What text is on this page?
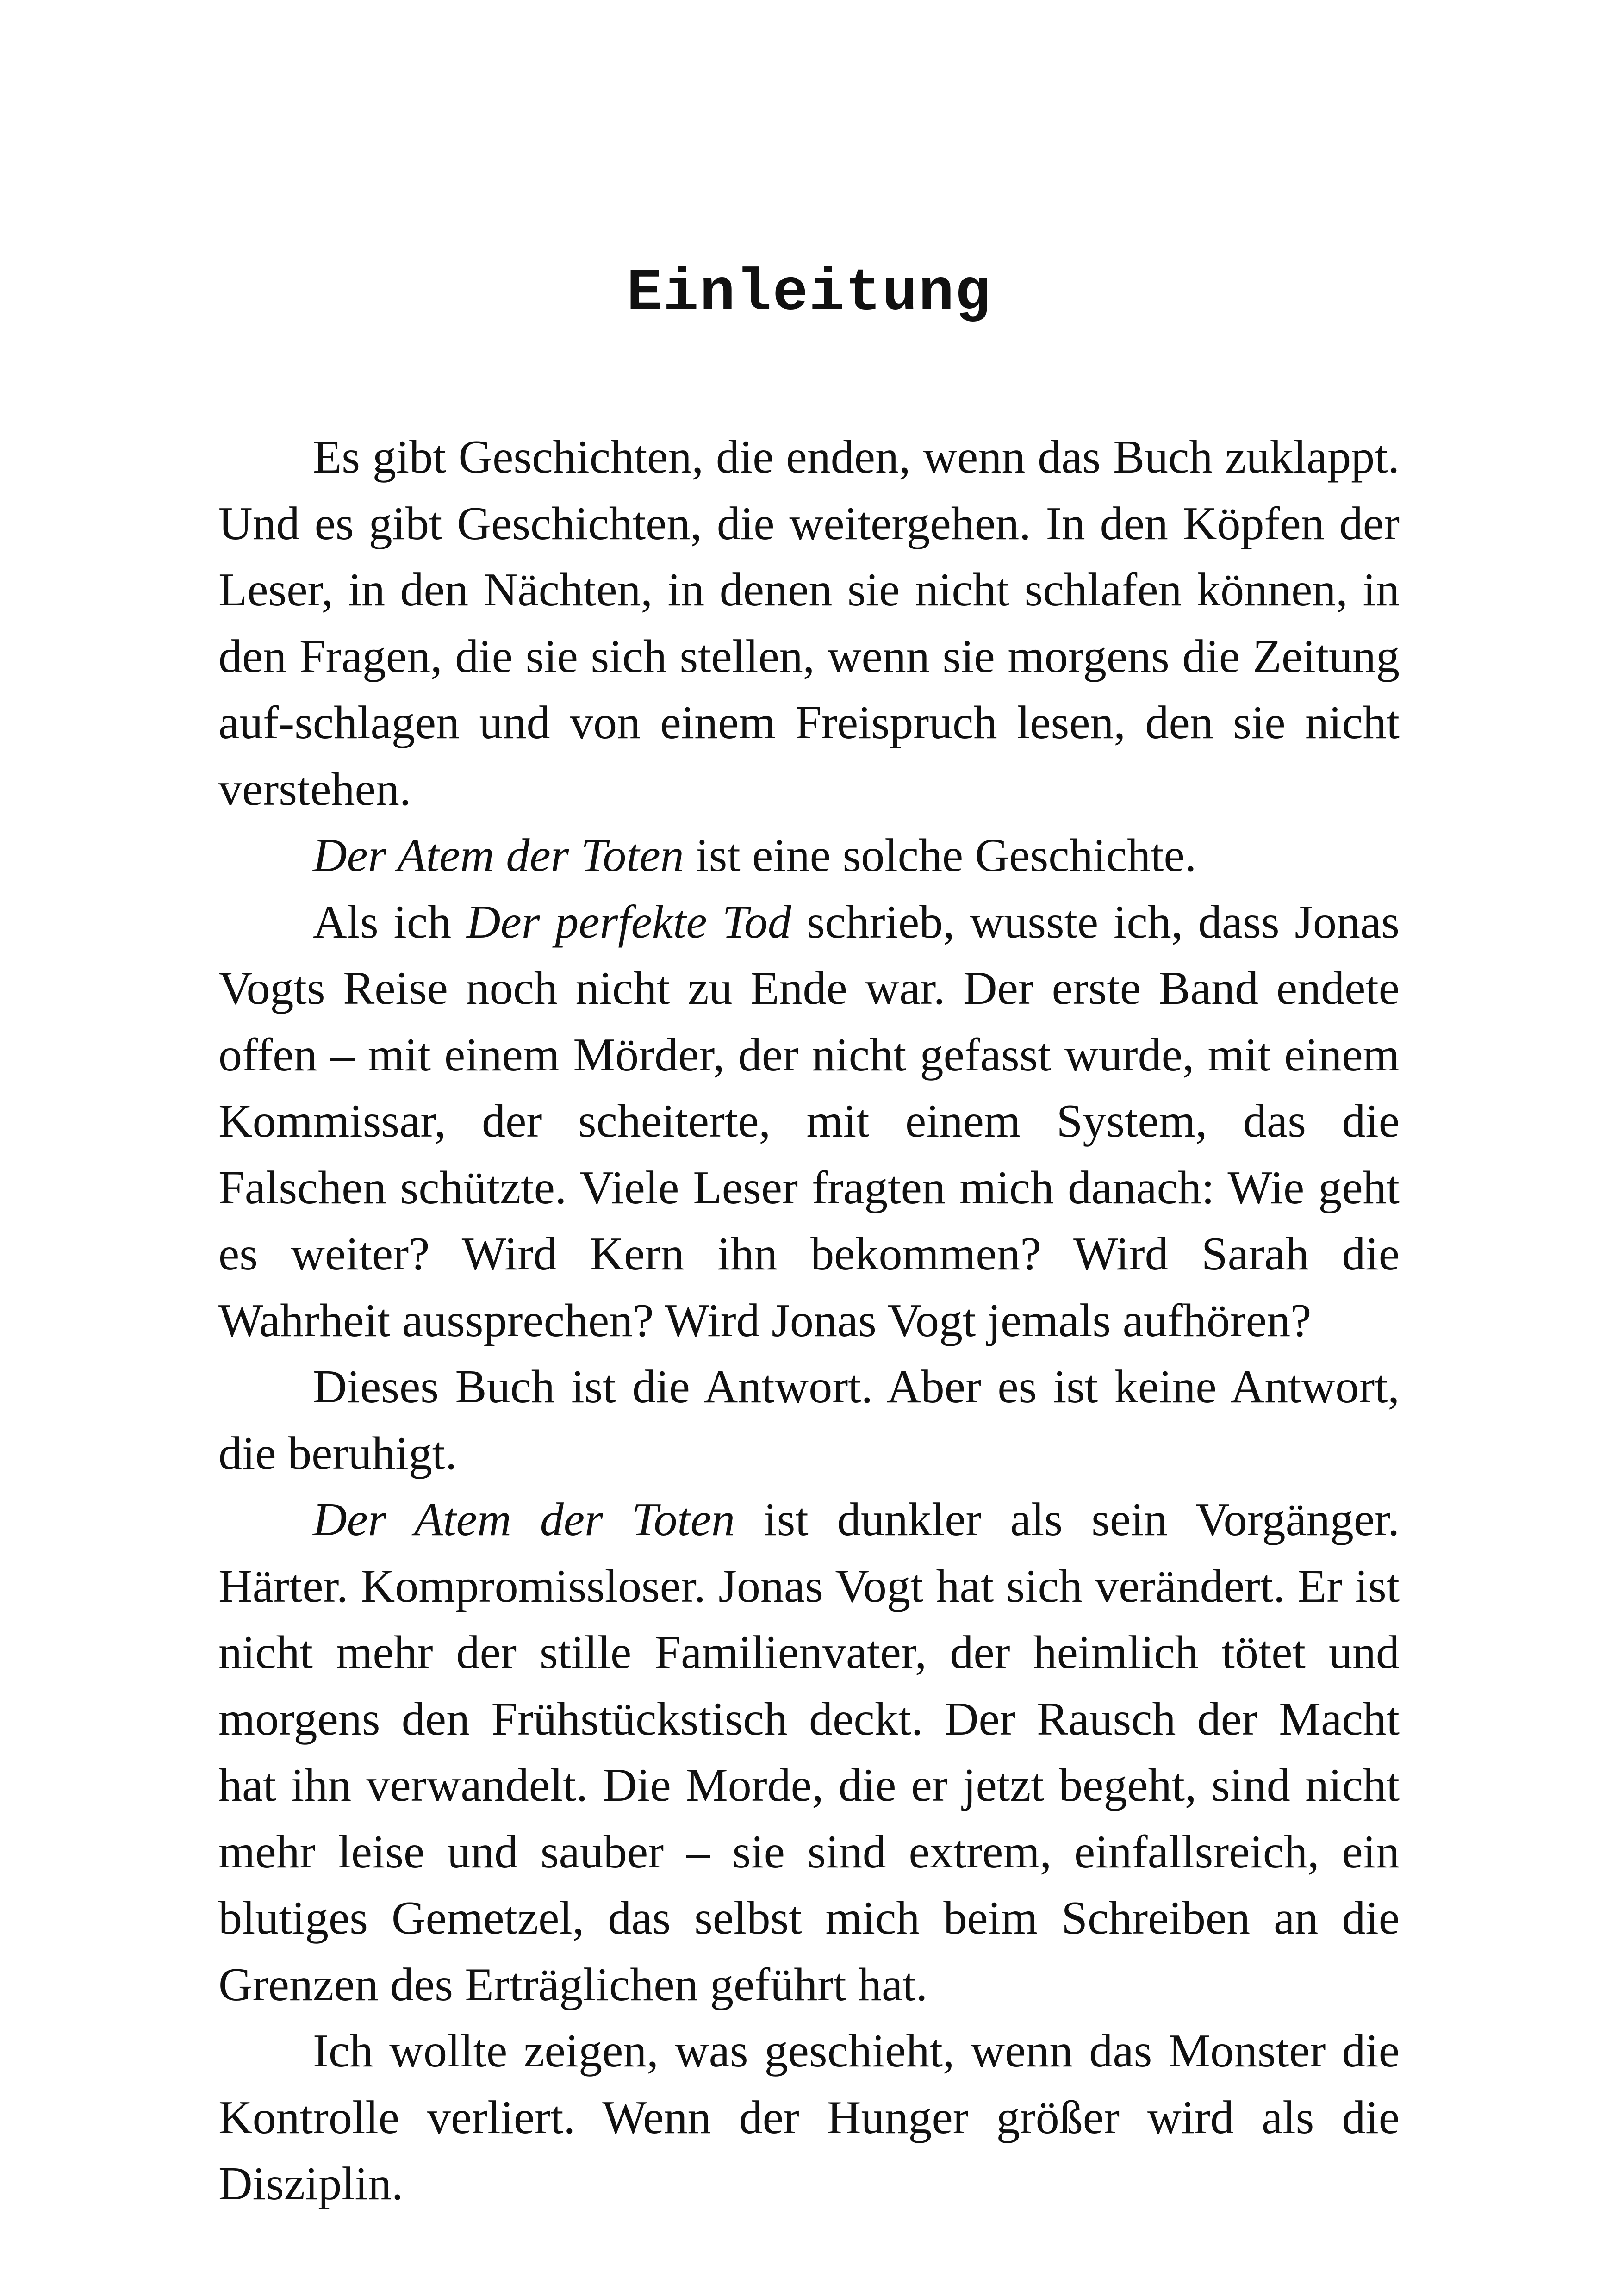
Einleitung

Es gibt Geschichten, die enden, wenn das Buch zuklappt. Und es gibt Geschichten, die weitergehen. In den Köpfen der Leser, in den Nächten, in denen sie nicht schlafen können, in den Fragen, die sie sich stellen, wenn sie morgens die Zeitung auf-schlagen und von einem Freispruch lesen, den sie nicht verstehen.

Der Atem der Toten ist eine solche Geschichte.

Als ich Der perfekte Tod schrieb, wusste ich, dass Jonas Vogts Reise noch nicht zu Ende war. Der erste Band endete offen – mit einem Mörder, der nicht gefasst wurde, mit einem Kommissar, der scheiterte, mit einem System, das die Falschen schützte. Viele Leser fragten mich danach: Wie geht es weiter? Wird Kern ihn bekommen? Wird Sarah die Wahrheit aussprechen? Wird Jonas Vogt jemals aufhören?

Dieses Buch ist die Antwort. Aber es ist keine Antwort, die beruhigt.

Der Atem der Toten ist dunkler als sein Vorgänger. Härter. Kompromissloser. Jonas Vogt hat sich verändert. Er ist nicht mehr der stille Familienvater, der heimlich tötet und morgens den Frühstückstisch deckt. Der Rausch der Macht hat ihn verwandelt. Die Morde, die er jetzt begeht, sind nicht mehr leise und sauber – sie sind extrem, einfallsreich, ein blutiges Gemetzel, das selbst mich beim Schreiben an die Grenzen des Erträglichen geführt hat.

Ich wollte zeigen, was geschieht, wenn das Monster die Kontrolle verliert. Wenn der Hunger größer wird als die Disziplin.
